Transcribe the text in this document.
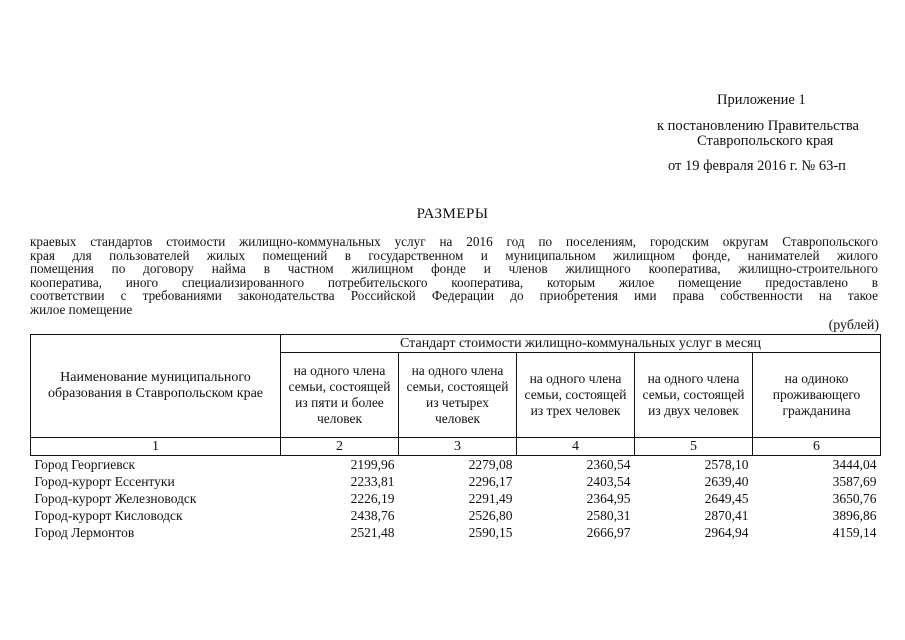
Приложение 1
к постановлению Правительства
Ставропольского края
от 19 февраля 2016 г. № 63-п
РАЗМЕРЫ
краевых стандартов стоимости жилищно-коммунальных услуг на 2016 год по поселениям, городским округам Ставропольского
края для пользователей жилых помещений в государственном и муниципальном жилищном фонде, нанимателей жилого
помещения по договору найма в частном жилищном фонде и членов жилищного кооператива, жилищно-строительного
кооператива, иного специализированного потребительского кооператива, которым жилое помещение предоставлено в
соответствии с требованиями законодательства Российской Федерации до приобретения ими права собственности на такое
жилое помещение
(рублей)
Наименование муниципального образования в Ставропольском крае	Стандарт стоимости жилищно-коммунальных услуг в месяц				
	на одного члена семьи, состоящей из пяти и более человек	на одного члена семьи, состоящей из четырех человек	на одного члена семьи, состоящей из трех человек	на одного члена семьи, состоящей из двух человек	на одиноко проживающего гражданина
1	2	3	4	5	6
Город Георгиевск	2199,96	2279,08	2360,54	2578,10	3444,04
Город-курорт Ессентуки	2233,81	2296,17	2403,54	2639,40	3587,69
Город-курорт Железноводск	2226,19	2291,49	2364,95	2649,45	3650,76
Город-курорт Кисловодск	2438,76	2526,80	2580,31	2870,41	3896,86
Город Лермонтов	2521,48	2590,15	2666,97	2964,94	4159,14
